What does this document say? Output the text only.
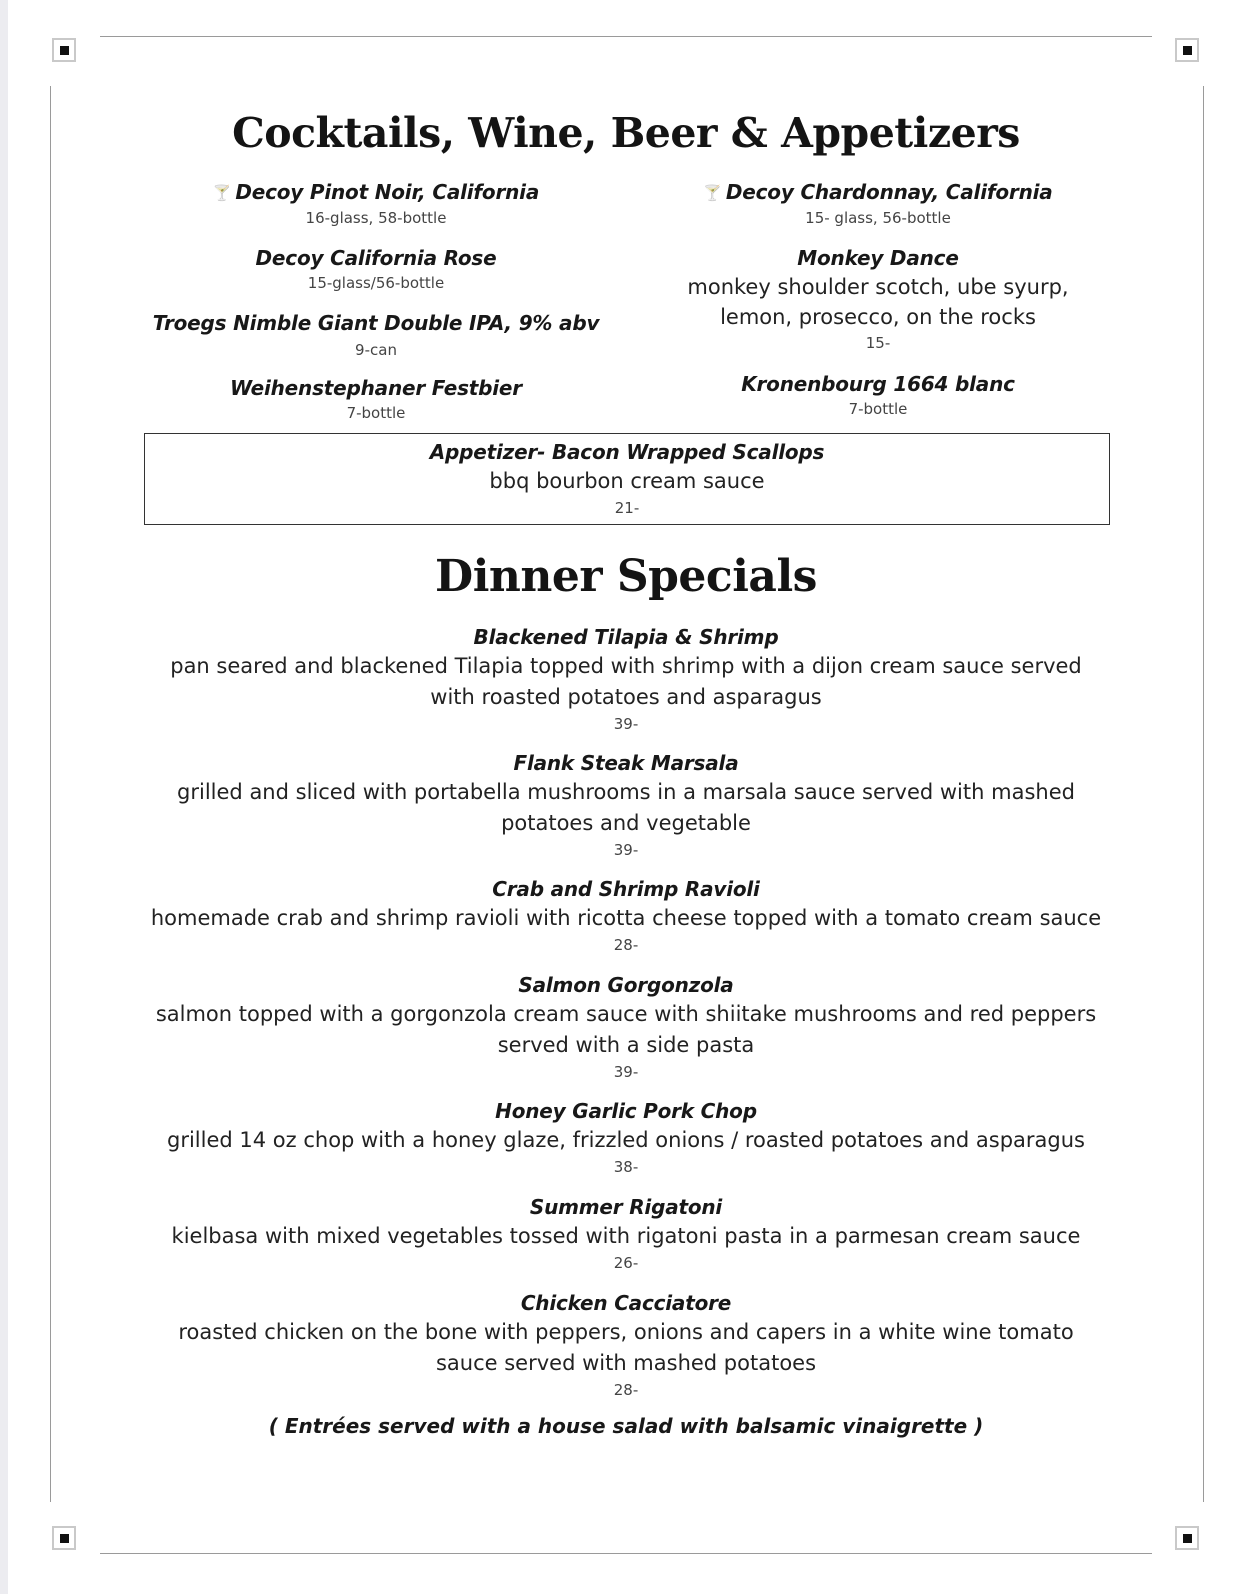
Cocktails, Wine, Beer & Appetizers
🍸 Decoy Pinot Noir, California
16-glass, 58-bottle
Decoy California Rose
15-glass/56-bottle
Troegs Nimble Giant Double IPA, 9% abv
9-can
Weihenstephaner Festbier
7-bottle
🍸 Decoy Chardonnay, California
15- glass, 56-bottle
Monkey Dance
monkey shoulder scotch, ube syurp,
lemon, prosecco, on the rocks
15-
Kronenbourg 1664 blanc
7-bottle
Appetizer- Bacon Wrapped Scallops
bbq bourbon cream sauce
21-
Dinner Specials
Blackened Tilapia & Shrimp
pan seared and blackened Tilapia topped with shrimp with a dijon cream sauce served
with roasted potatoes and asparagus
39-
Flank Steak Marsala
grilled and sliced with portabella mushrooms in a marsala sauce served with mashed
potatoes and vegetable
39-
Crab and Shrimp Ravioli
homemade crab and shrimp ravioli with ricotta cheese topped with a tomato cream sauce
28-
Salmon Gorgonzola
salmon topped with a gorgonzola cream sauce with shiitake mushrooms and red peppers
served with a side pasta
39-
Honey Garlic Pork Chop
grilled 14 oz chop with a honey glaze, frizzled onions / roasted potatoes and asparagus
38-
Summer Rigatoni
kielbasa with mixed vegetables tossed with rigatoni pasta in a parmesan cream sauce
26-
Chicken Cacciatore
roasted chicken on the bone with peppers, onions and capers in a white wine tomato
sauce served with mashed potatoes
28-
( Entrées served with a house salad with balsamic vinaigrette )
